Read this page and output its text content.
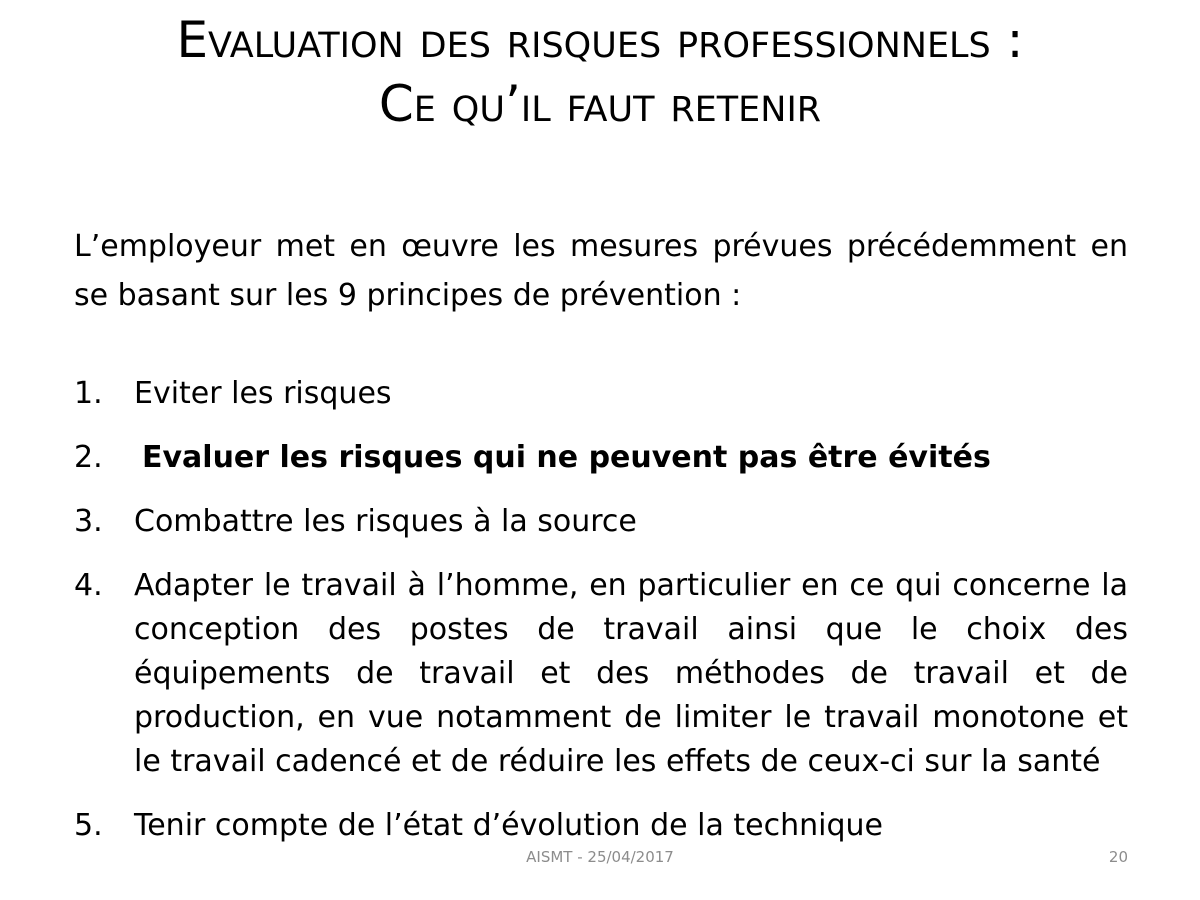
Evaluation des risques professionnels :
Ce qu’il faut retenir

L’employeur met en œuvre les mesures prévues précédemment en se basant sur les 9 principes de prévention :

1. Eviter les risques
2. Evaluer les risques qui ne peuvent pas être évités
3. Combattre les risques à la source
4. Adapter le travail à l’homme, en particulier en ce qui concerne la conception des postes de travail ainsi que le choix des équipements de travail et des méthodes de travail et de production, en vue notamment de limiter le travail monotone et le travail cadencé et de réduire les effets de ceux-ci sur la santé
5. Tenir compte de l’état d’évolution de la technique
AISMT - 25/04/2017	20
